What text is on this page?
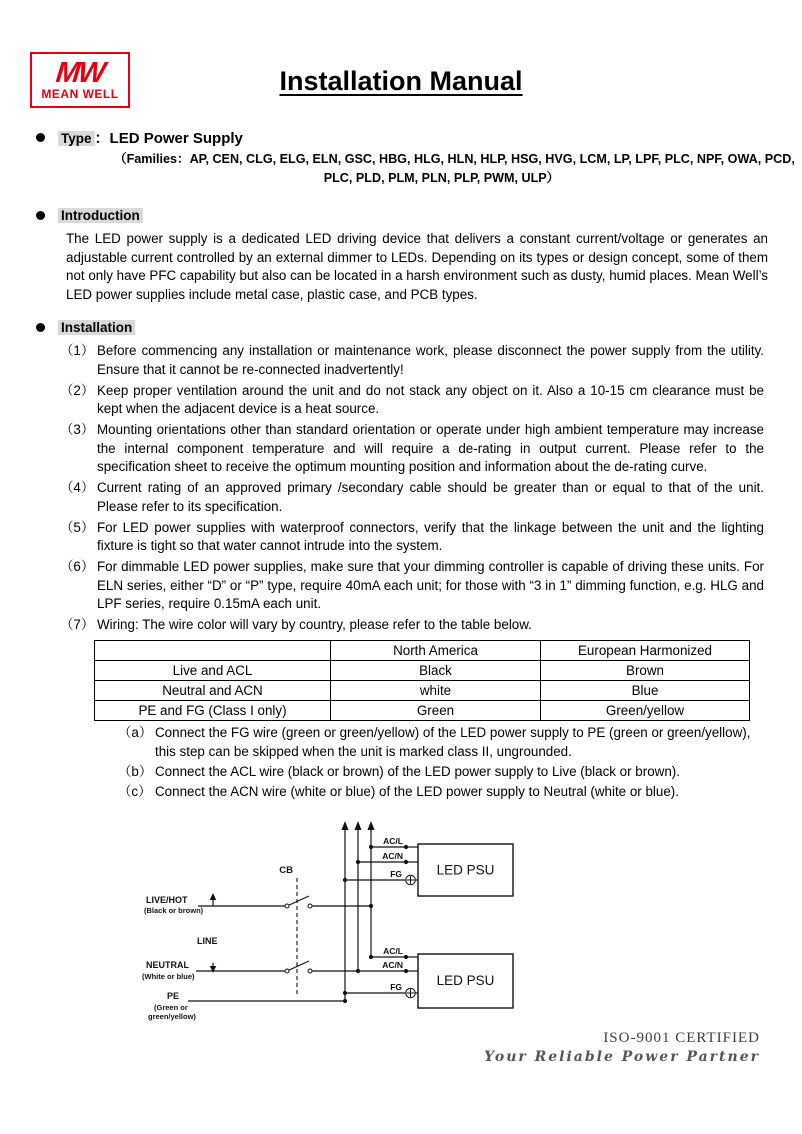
MW
MEAN WELL	Installation Manual
Type ：LED Power Supply
（Families：AP, CEN, CLG, ELG, ELN, GSC, HBG, HLG, HLN, HLP, HSG, HVG, LCM, LP, LPF, PLC, NPF, OWA, PCD,
PLC, PLD, PLM, PLN, PLP, PWM, ULP）
Introduction
The LED power supply is a dedicated LED driving device that delivers a constant current/voltage or generates an adjustable current controlled by an external dimmer to LEDs. Depending on its types or design concept, some of them not only have PFC capability but also can be located in a harsh environment such as dusty, humid places. Mean Well’s LED power supplies include metal case, plastic case, and PCB types.
Installation
（1） Before commencing any installation or maintenance work, please disconnect the power supply from the utility. Ensure that it cannot be re-connected inadvertently!
（2） Keep proper ventilation around the unit and do not stack any object on it. Also a 10-15 cm clearance must be kept when the adjacent device is a heat source.
（3） Mounting orientations other than standard orientation or operate under high ambient temperature may increase the internal component temperature and will require a de-rating in output current. Please refer to the specification sheet to receive the optimum mounting position and information about the de-rating curve.
（4） Current rating of an approved primary /secondary cable should be greater than or equal to that of the unit. Please refer to its specification.
（5） For LED power supplies with waterproof connectors, verify that the linkage between the unit and the lighting fixture is tight so that water cannot intrude into the system.
（6） For dimmable LED power supplies, make sure that your dimming controller is capable of driving these units. For ELN series, either “D” or “P” type, require 40mA each unit; for those with “3 in 1” dimming function, e.g. HLG and LPF series, require 0.15mA each unit.
（7） Wiring: The wire color will vary by country, please refer to the table below.
	North America	European Harmonized
Live and ACL	Black	Brown
Neutral and ACN	white	Blue
PE and FG (Class I only)	Green	Green/yellow
（a） Connect the FG wire (green or green/yellow) of the LED power supply to PE (green or green/yellow), this step can be skipped when the unit is marked class II, ungrounded.
（b） Connect the ACL wire (black or brown) of the LED power supply to Live (black or brown).
（c） Connect the ACN wire (white or blue) of the LED power supply to Neutral (white or blue).
LED PSU
LED PSU
CB
LIVE/HOT
(Black or brown)
LINE
NEUTRAL
(White or blue)
PE
(Green or
green/yellow)
AC/L
AC/N
FG
AC/L
AC/N
FG
ISO-9001 CERTIFIED
Your Reliable Power Partner
